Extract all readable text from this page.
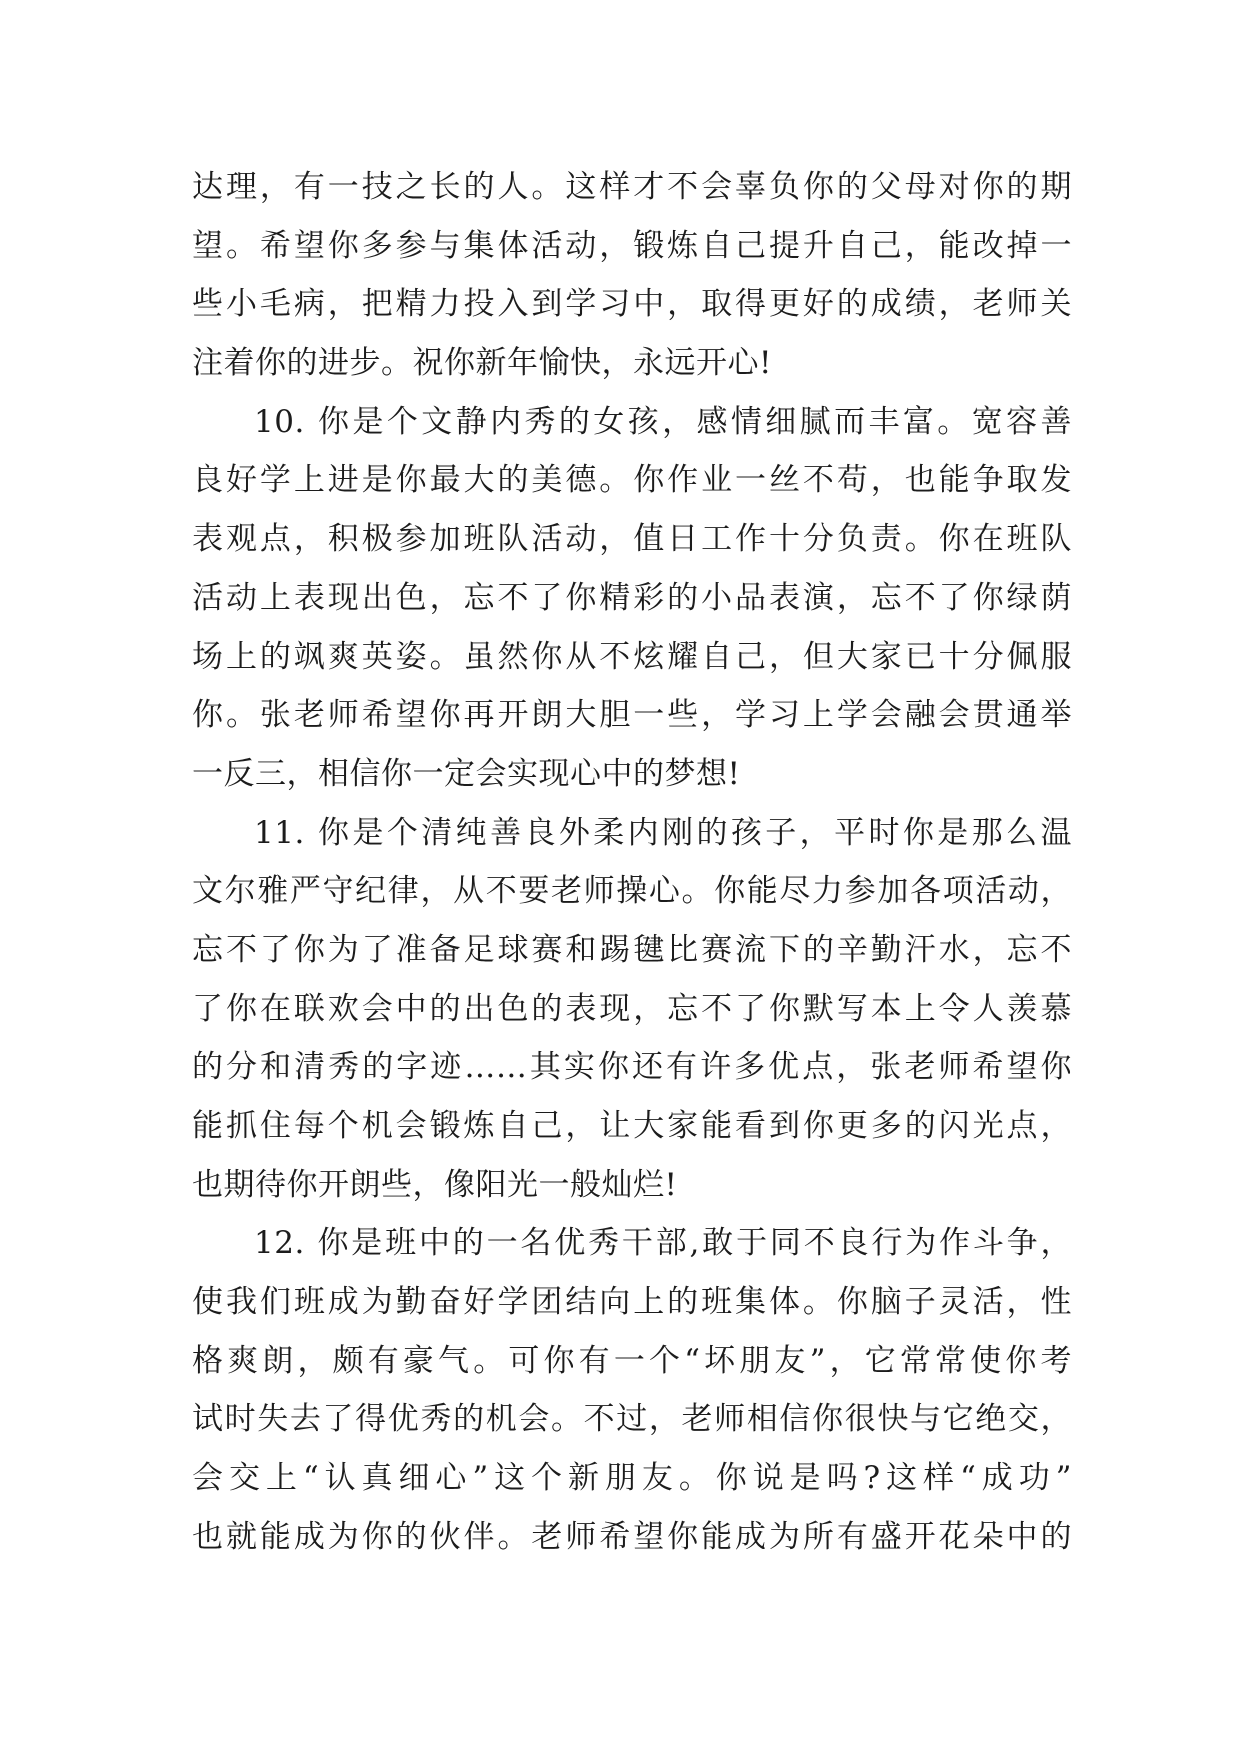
达理，有一技之长的人。这样才不会辜负你的父母对你的期
望。希望你多参与集体活动，锻炼自己提升自己，能改掉一
些小毛病，把精力投入到学习中，取得更好的成绩，老师关
注着你的进步。祝你新年愉快，永远开心!
10. 你是个文静内秀的女孩，感情细腻而丰富。宽容善
良好学上进是你最大的美德。你作业一丝不苟，也能争取发
表观点，积极参加班队活动，值日工作十分负责。你在班队
活动上表现出色，忘不了你精彩的小品表演，忘不了你绿荫
场上的飒爽英姿。虽然你从不炫耀自己，但大家已十分佩服
你。张老师希望你再开朗大胆一些，学习上学会融会贯通举
一反三，相信你一定会实现心中的梦想!
11. 你是个清纯善良外柔内刚的孩子，平时你是那么温
文尔雅严守纪律，从不要老师操心。你能尽力参加各项活动，
忘不了你为了准备足球赛和踢毽比赛流下的辛勤汗水，忘不
了你在联欢会中的出色的表现，忘不了你默写本上令人羡慕
的分和清秀的字迹……其实你还有许多优点，张老师希望你
能抓住每个机会锻炼自己，让大家能看到你更多的闪光点，
也期待你开朗些，像阳光一般灿烂!
12. 你是班中的一名优秀干部,敢于同不良行为作斗争，
使我们班成为勤奋好学团结向上的班集体。你脑子灵活，性
格爽朗，颇有豪气。可你有一个“坏朋友”，它常常使你考
试时失去了得优秀的机会。不过，老师相信你很快与它绝交，
会交上“认真细心”这个新朋友。你说是吗?这样“成功”
也就能成为你的伙伴。老师希望你能成为所有盛开花朵中的
